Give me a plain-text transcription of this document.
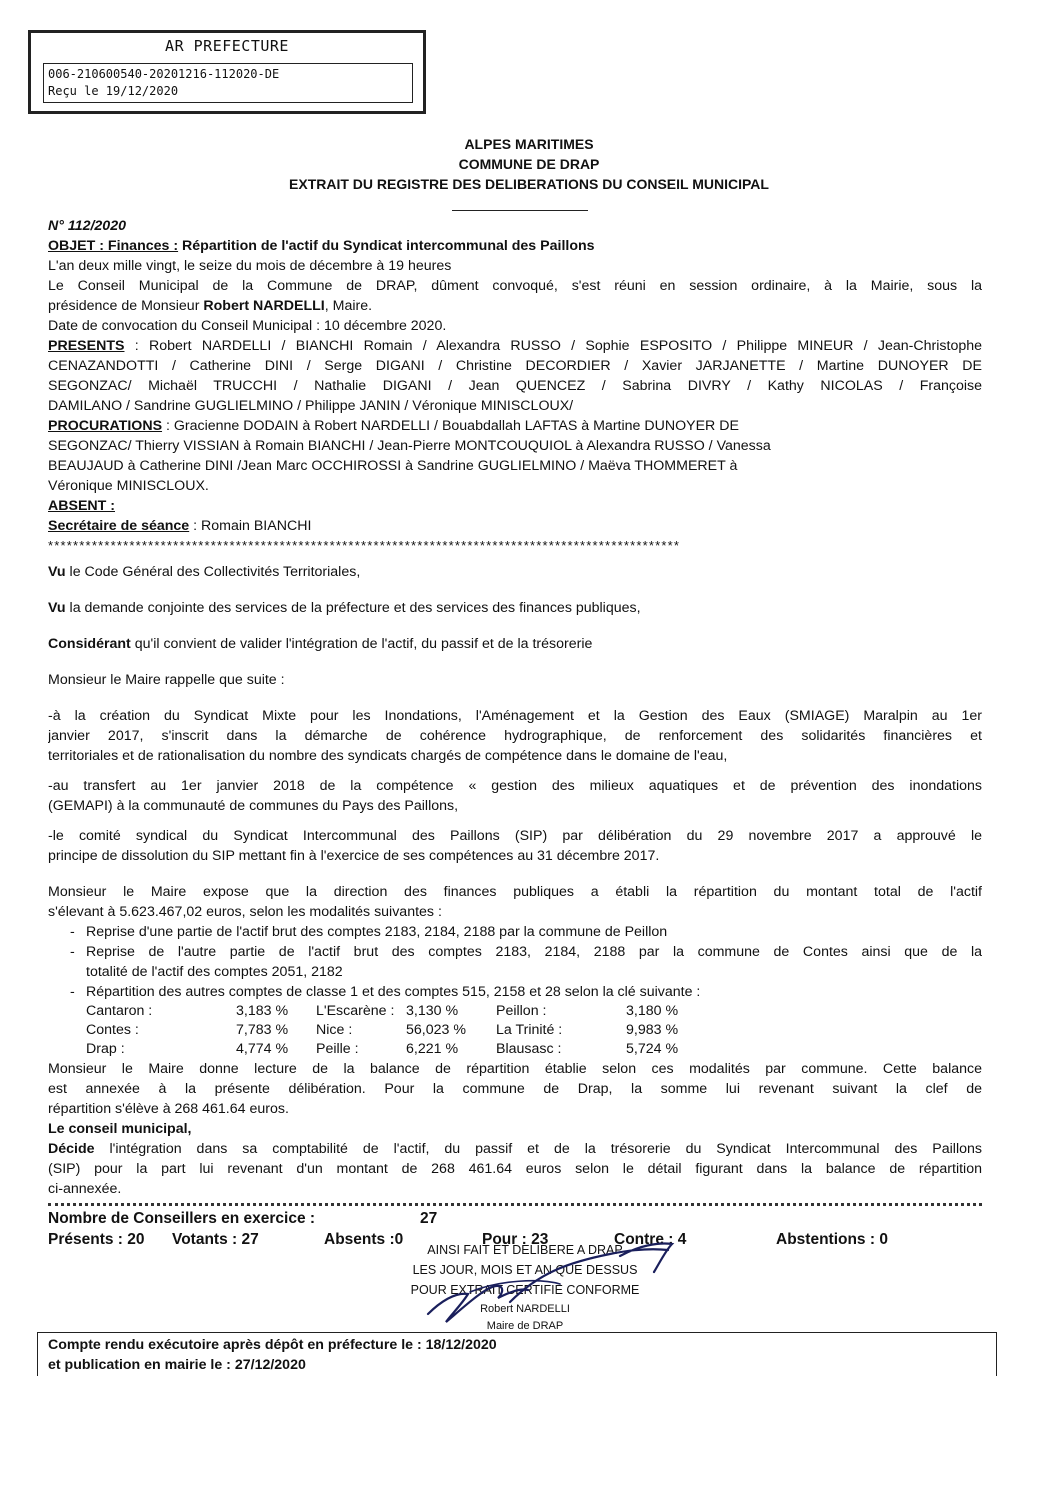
AR PREFECTURE
006-210600540-20201216-112020-DE
Reçu le 19/12/2020
ALPES MARITIMES
COMMUNE DE DRAP
EXTRAIT DU REGISTRE DES DELIBERATIONS DU CONSEIL MUNICIPAL
N° 112/2020
OBJET : Finances : Répartition de l'actif du Syndicat intercommunal des Paillons
L'an deux mille vingt, le seize du mois de décembre à 19 heures
Le Conseil Municipal de la Commune de DRAP, dûment convoqué, s'est réuni en session ordinaire, à la Mairie, sous la
présidence de Monsieur Robert NARDELLI, Maire.
Date de convocation du Conseil Municipal : 10 décembre 2020.
PRESENTS : Robert NARDELLI / BIANCHI Romain / Alexandra RUSSO / Sophie ESPOSITO / Philippe MINEUR / Jean-Christophe
CENAZANDOTTI / Catherine DINI / Serge DIGANI / Christine DECORDIER / Xavier JARJANETTE / Martine DUNOYER DE
SEGONZAC/ Michaël TRUCCHI / Nathalie DIGANI / Jean QUENCEZ / Sabrina DIVRY / Kathy NICOLAS / Françoise
DAMILANO / Sandrine GUGLIELMINO / Philippe JANIN / Véronique MINISCLOUX/
PROCURATIONS : Gracienne DODAIN à Robert NARDELLI / Bouabdallah LAFTAS à Martine DUNOYER DE
SEGONZAC/ Thierry VISSIAN à Romain BIANCHI / Jean-Pierre MONTCOUQUIOL à Alexandra RUSSO / Vanessa
BEAUJAUD à Catherine DINI /Jean Marc OCCHIROSSI à Sandrine GUGLIELMINO / Maëva THOMMERET à
Véronique MINISCLOUX.
ABSENT :
Secrétaire de séance : Romain BIANCHI
*****************************************************************************************************
Vu le Code Général des Collectivités Territoriales,
Vu la demande conjointe des services de la préfecture et des services des finances publiques,
Considérant qu'il convient de valider l'intégration de l'actif, du passif et de la trésorerie
Monsieur le Maire rappelle que suite :
-à la création du Syndicat Mixte pour les Inondations, l'Aménagement et la Gestion des Eaux (SMIAGE) Maralpin au 1er
janvier 2017, s'inscrit dans la démarche de cohérence hydrographique, de renforcement des solidarités financières et
territoriales et de rationalisation du nombre des syndicats chargés de compétence dans le domaine de l'eau,
-au transfert au 1er janvier 2018 de la compétence « gestion des milieux aquatiques et de prévention des inondations
(GEMAPI) à la communauté de communes du Pays des Paillons,
-le comité syndical du Syndicat Intercommunal des Paillons (SIP) par délibération du 29 novembre 2017 a approuvé le
principe de dissolution du SIP mettant fin à l'exercice de ses compétences au 31 décembre 2017.
Monsieur le Maire expose que la direction des finances publiques a établi la répartition du montant total de l'actif
s'élevant à 5.623.467,02 euros, selon les modalités suivantes :
- Reprise d'une partie de l'actif brut des comptes 2183, 2184, 2188 par la commune de Peillon
- Reprise de l'autre partie de l'actif brut des comptes 2183, 2184, 2188 par la commune de Contes ainsi que de la
totalité de l'actif des comptes 2051, 2182
- Répartition des autres comptes de classe 1 et des comptes 515, 2158 et 28 selon la clé suivante :
Cantaron :	3,183 %	L'Escarène : 3,130 %	Peillon :	3,180 %
Contes :	7,783 %	Nice :	56,023 %	La Trinité :	9,983 %
Drap :	4,774 %	Peille :	6,221 %	Blausasc :	5,724 %
Monsieur le Maire donne lecture de la balance de répartition établie selon ces modalités par commune. Cette balance
est annexée à la présente délibération. Pour la commune de Drap, la somme lui revenant suivant la clef de
répartition s'élève à 268 461.64 euros.
Le conseil municipal,
Décide l'intégration dans sa comptabilité de l'actif, du passif et de la trésorerie du Syndicat Intercommunal des Paillons
(SIP) pour la part lui revenant d'un montant de 268 461.64 euros selon le détail figurant dans la balance de répartition
ci-annexée.
Nombre de Conseillers en exercice :	27
Présents : 20	Votants : 27	Absents :0	Pour : 23	Contre : 4	Abstentions : 0
AINSI FAIT ET DELIBERE A DRAP
LES JOUR, MOIS ET AN QUE DESSUS
POUR EXTRAIT CERTIFIE CONFORME
Robert NARDELLI
Maire de DRAP
Compte rendu exécutoire après dépôt en préfecture le : 18/12/2020
et publication en mairie le : 27/12/2020
